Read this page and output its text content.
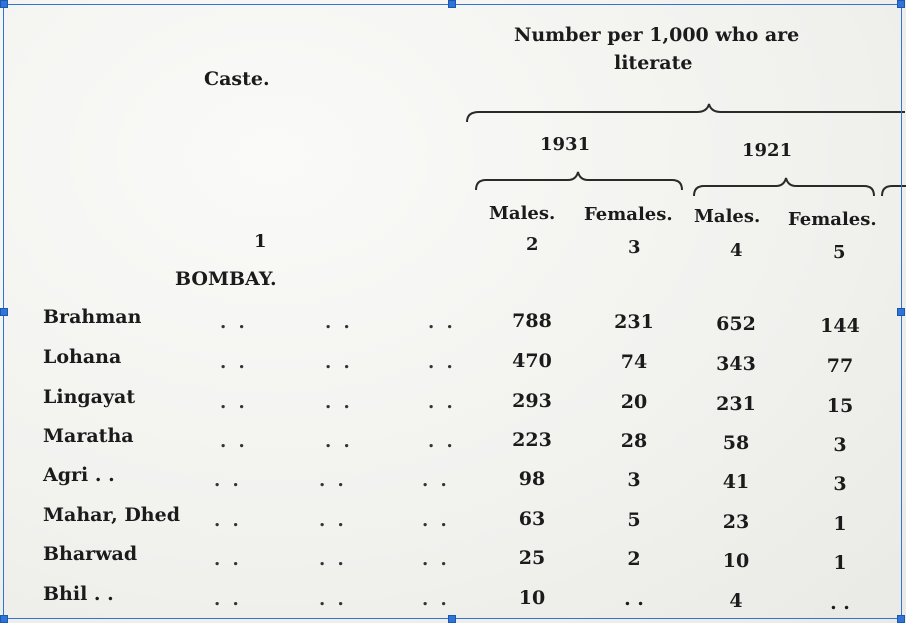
Caste.
Number per 1,000 who are
literate
1931	1921
Males. Females. Males. Females.
1	2	3	4	5
BOMBAY.
Brahman	. .	. .	. .	788	231	652	144
Lohana	. .	. .	. .	470	74	343	77
Lingayat	. .	. .	. .	293	20	231	15
Maratha	. .	. .	. .	223	28	58	3
Agri . .	. .	. .	. .	98	3	41	3
Mahar, Dhed . .	. .	. .	63	5	23	1
Bharwad	. .	. .	. .	25	2	10	1
Bhil . .	. .	. .	. .	10	. .	4	. .
